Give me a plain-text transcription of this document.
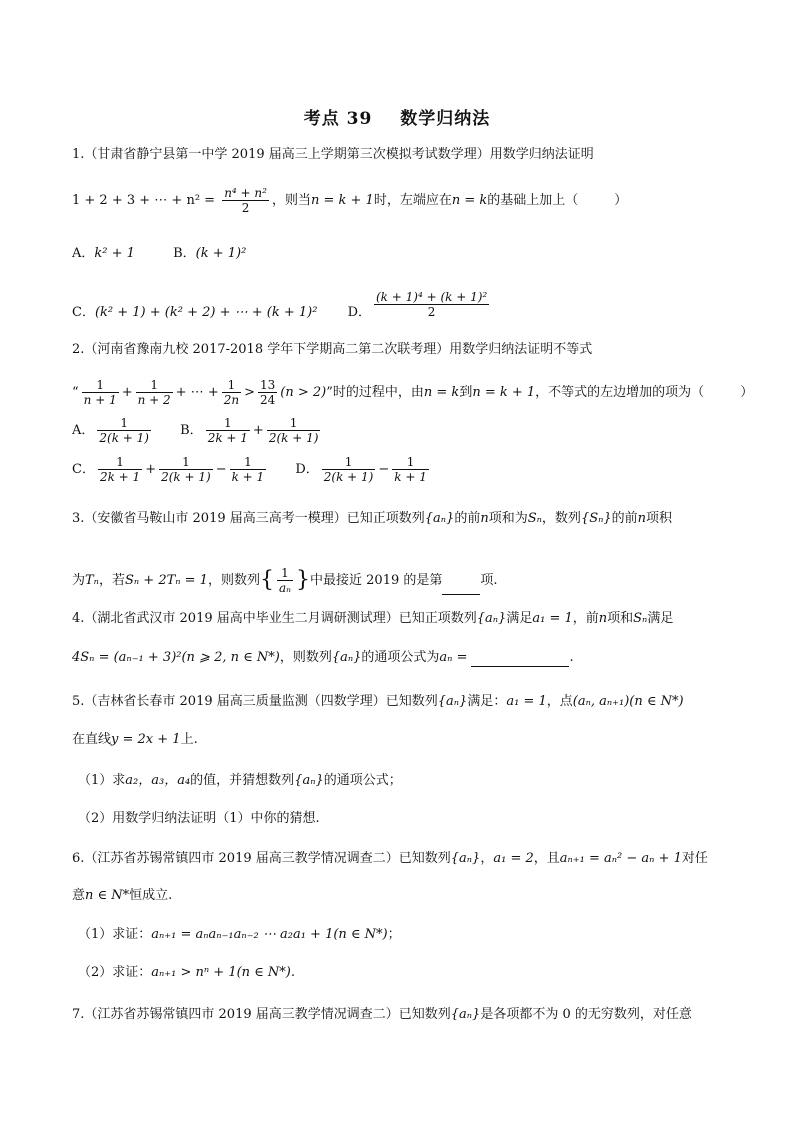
考点 39 数学归纳法
1.（甘肃省静宁县第一中学 2019 届高三上学期第三次模拟考试数学理）用数学归纳法证明
1 + 2 + 3 + ⋯ + $n^2 = \frac{\text{n⁴ + n²}}{2}$ ，则当n = k + 1时，左端应在n = k的基础上加上（	）
A．k² + 1	B．(k + 1)²
C．(k² + 1) + (k² + 2) + ⋯ + (k + 1)² D． $\frac{\text{(k + 1)⁴ + (k + 1)²}}{2}$
2.（河南省豫南九校 2017-2018 学年下学期高二第二次联考理）用数学归纳法证明不等式
“ $\frac{1}{n + 1} + \frac{1}{n + 2}$ + ⋯ + $\frac{1}{2n} > \frac{13}{24} (n > 2)$”时的过程中，由n = k到n = k + 1，不等式的左边增加的项为（	）
A． $\frac{1}{2(k + 1)}$ B． $\frac{1}{2k + 1} + \frac{1}{2(k + 1)}$
C． $\frac{1}{2k + 1} + \frac{1}{2(k + 1)} - \frac{1}{k + 1}$ D． $\frac{1}{2(k + 1)} - \frac{1}{k + 1}$
3.（安徽省马鞍山市 2019 届高三高考一模理）已知正项数列{aₙ}的前n项和为Sₙ，数列{Sₙ}的前n项积
为Tₙ，若Sₙ + 2Tₙ = 1，则数列{ $\frac{1}{\text{aₙ}}$ }中最接近 2019 的是第	项.
4.（湖北省武汉市 2019 届高中毕业生二月调研测试理）已知正项数列{aₙ}满足a₁ = 1，前n项和Sₙ满足
4Sₙ = (aₙ₋₁ + 3)²(n ⩾ 2, n ∈ N*)，则数列{aₙ}的通项公式为aₙ =	.
5.（吉林省长春市 2019 届高三质量监测（四数学理）已知数列{aₙ}满足：a₁ = 1，点(aₙ, aₙ₊₁)(n ∈ N*)
在直线y = 2x + 1上.
（1）求a₂，a₃，a₄的值，并猜想数列{aₙ}的通项公式；
（2）用数学归纳法证明（1）中你的猜想.
6.（江苏省苏锡常镇四市 2019 届高三教学情况调查二）已知数列{aₙ}，a₁ = 2，且aₙ₊₁ = aₙ² − aₙ + 1对任
意n ∈ N*恒成立.
（1）求证：aₙ₊₁ = aₙaₙ₋₁aₙ₋₂ ⋯ a₂a₁ + 1(n ∈ N*)；
（2）求证：aₙ₊₁ > nⁿ + 1(n ∈ N*).
7.（江苏省苏锡常镇四市 2019 届高三教学情况调查二）已知数列{aₙ}是各项都不为 0 的无穷数列，对任意
